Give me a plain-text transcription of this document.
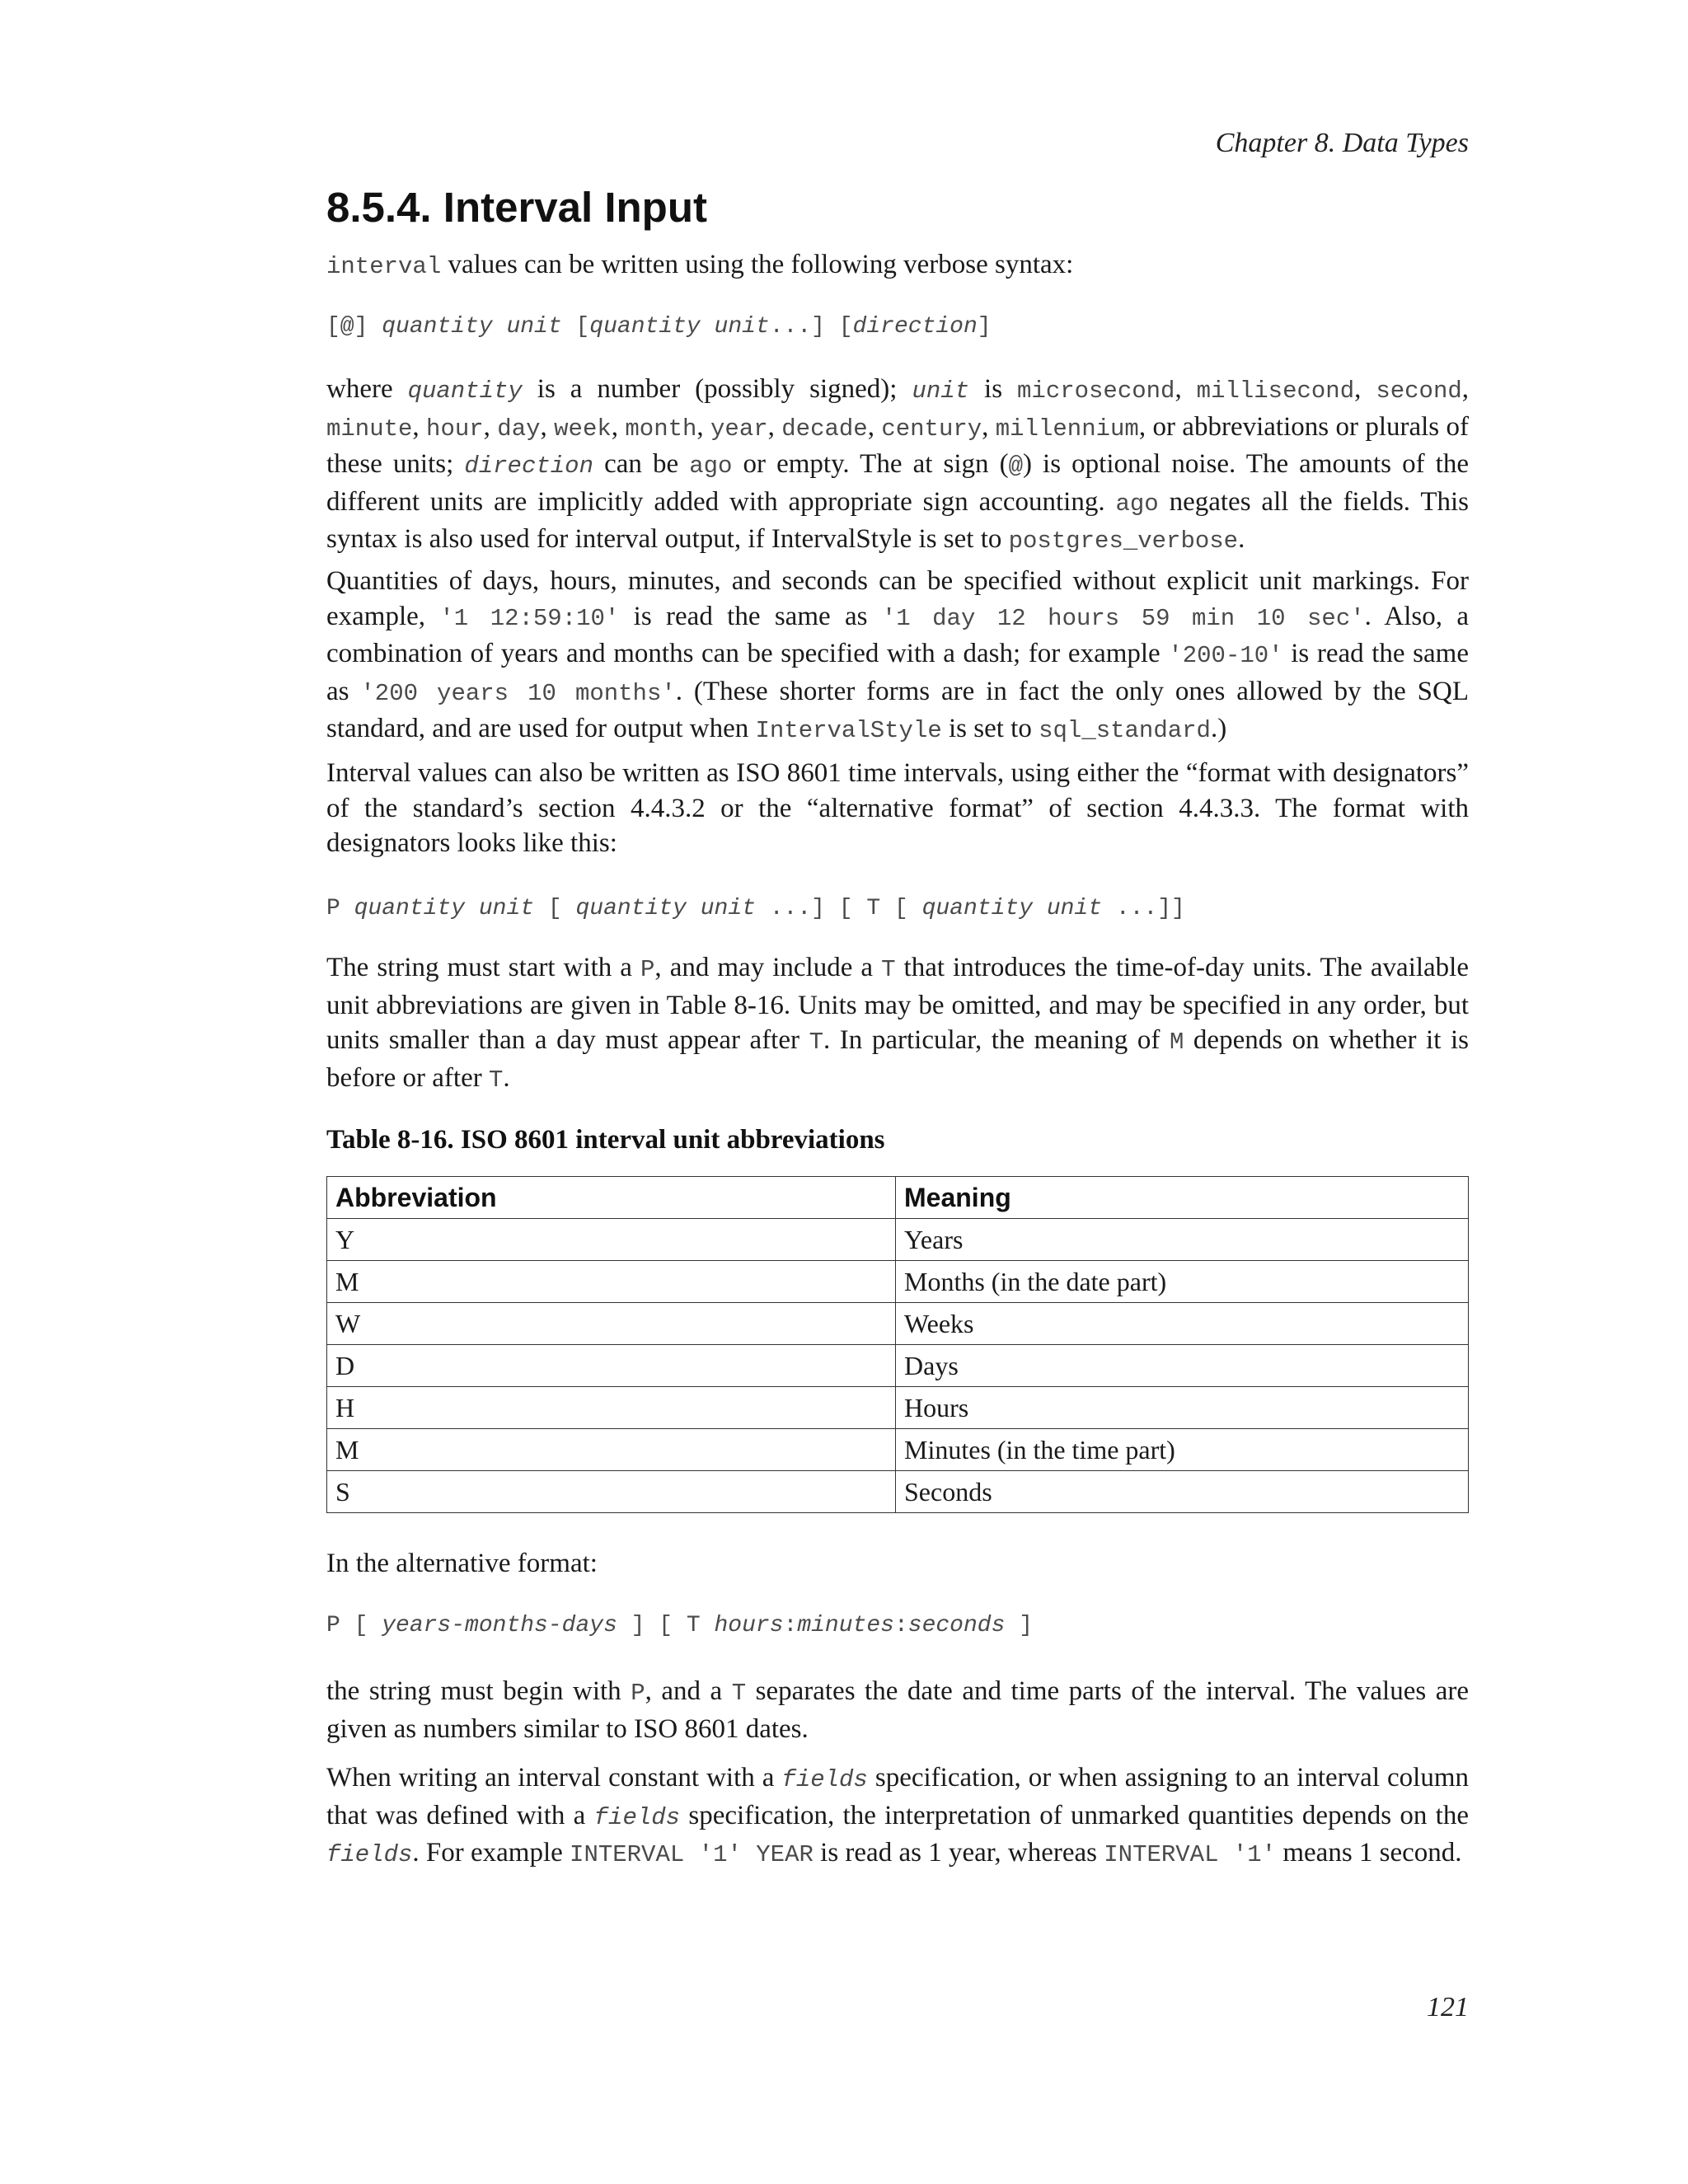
Chapter 8. Data Types
8.5.4. Interval Input

interval values can be written using the following verbose syntax:

[@] quantity unit [quantity unit...] [direction]

where quantity is a number (possibly signed); unit is microsecond, millisecond, second, minute, hour, day, week, month, year, decade, century, millennium, or abbreviations or plurals of these units; direction can be ago or empty. The at sign (@) is optional noise. The amounts of the different units are implicitly added with appropriate sign accounting. ago negates all the fields. This syntax is also used for interval output, if IntervalStyle is set to postgres_verbose.

Quantities of days, hours, minutes, and seconds can be specified without explicit unit markings. For example, '1 12:59:10' is read the same as '1 day 12 hours 59 min 10 sec'. Also, a combination of years and months can be specified with a dash; for example '200-10' is read the same as '200 years 10 months'. (These shorter forms are in fact the only ones allowed by the SQL standard, and are used for output when IntervalStyle is set to sql_standard.)

Interval values can also be written as ISO 8601 time intervals, using either the “format with designators” of the standard’s section 4.4.3.2 or the “alternative format” of section 4.4.3.3. The format with designators looks like this:

P quantity unit [ quantity unit ...] [ T [ quantity unit ...]]

The string must start with a P, and may include a T that introduces the time-of-day units. The available unit abbreviations are given in Table 8-16. Units may be omitted, and may be specified in any order, but units smaller than a day must appear after T. In particular, the meaning of M depends on whether it is before or after T.

Table 8-16. ISO 8601 interval unit abbreviations

Abbreviation	Meaning
Y	Years
M	Months (in the date part)
W	Weeks
D	Days
H	Hours
M	Minutes (in the time part)
S	Seconds

In the alternative format:

P [ years-months-days ] [ T hours:minutes:seconds ]

the string must begin with P, and a T separates the date and time parts of the interval. The values are given as numbers similar to ISO 8601 dates.

When writing an interval constant with a fields specification, or when assigning to an interval column that was defined with a fields specification, the interpretation of unmarked quantities depends on the fields. For example INTERVAL '1' YEAR is read as 1 year, whereas INTERVAL '1' means 1 second.

121
